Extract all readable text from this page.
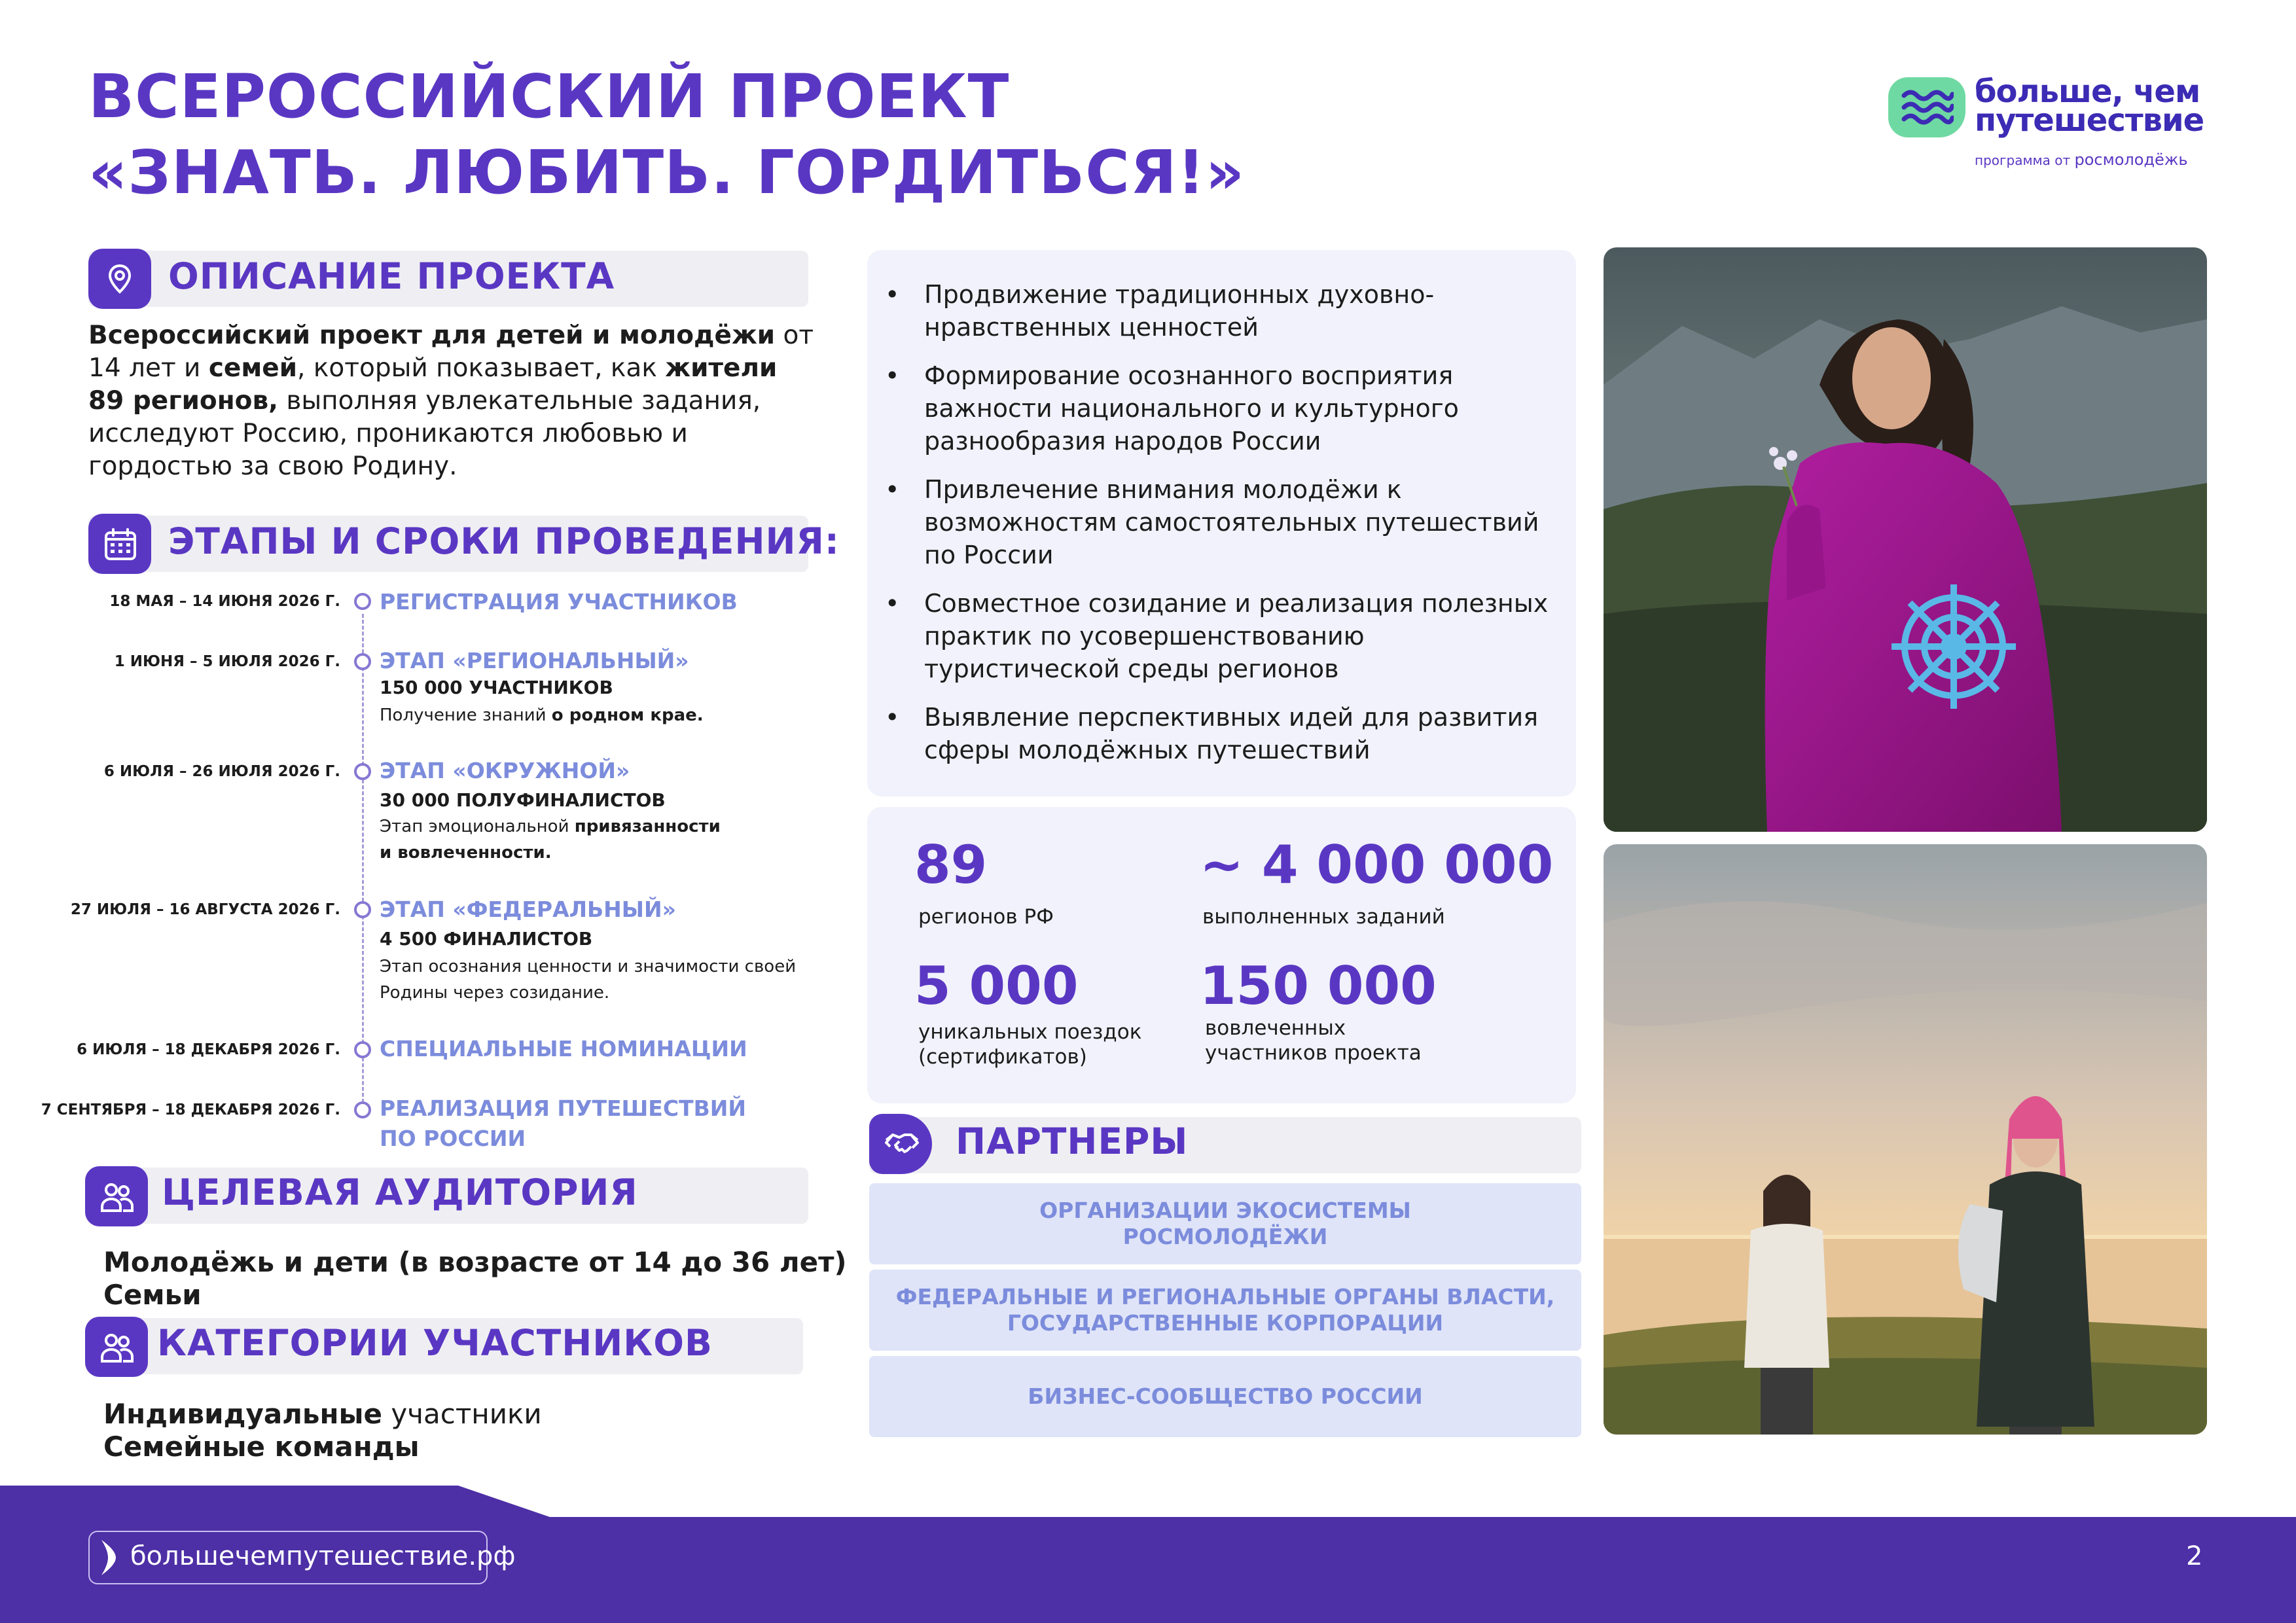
ВСЕРОССИЙСКИЙ ПРОЕКТ
«ЗНАТЬ. ЛЮБИТЬ. ГОРДИТЬСЯ!»
больше, чем
путешествие
программа от росмолодёжь
ОПИСАНИЕ ПРОЕКТА
Всероссийский проект для детей и молодёжи от 14 лет и семей, который показывает, как жители 89 регионов, выполняя увлекательные задания, исследуют Россию, проникаются любовью и гордостью за свою Родину.
ЭТАПЫ И СРОКИ ПРОВЕДЕНИЯ:
18 МАЯ – 14 ИЮНЯ 2026 Г. РЕГИСТРАЦИЯ УЧАСТНИКОВ
1 ИЮНЯ – 5 ИЮЛЯ 2026 Г. ЭТАП «РЕГИОНАЛЬНЫЙ»
150 000 УЧАСТНИКОВ
Получение знаний о родном крае.
6 ИЮЛЯ – 26 ИЮЛЯ 2026 Г. ЭТАП «ОКРУЖНОЙ»
30 000 ПОЛУФИНАЛИСТОВ
Этап эмоциональной привязанности
и вовлеченности.
27 ИЮЛЯ – 16 АВГУСТА 2026 Г. ЭТАП «ФЕДЕРАЛЬНЫЙ»
4 500 ФИНАЛИСТОВ
Этап осознания ценности и значимости своей
Родины через созидание.
6 ИЮЛЯ – 18 ДЕКАБРЯ 2026 Г. СПЕЦИАЛЬНЫЕ НОМИНАЦИИ
7 СЕНТЯБРЯ – 18 ДЕКАБРЯ 2026 Г. РЕАЛИЗАЦИЯ ПУТЕШЕСТВИЙ
ПО РОССИИ
ЦЕЛЕВАЯ АУДИТОРИЯ
Молодёжь и дети (в возрасте от 14 до 36 лет)
Семьи
КАТЕГОРИИ УЧАСТНИКОВ
Индивидуальные участники
Семейные команды
• Продвижение традиционных духовно-нравственных ценностей
• Формирование осознанного восприятия важности национального и культурного разнообразия народов России
• Привлечение внимания молодёжи к возможностям самостоятельных путешествий по России
• Совместное созидание и реализация полезных практик по усовершенствованию туристической среды регионов
• Выявление перспективных идей для развития сферы молодёжных путешествий
89
регионов РФ
~ 4 000 000
выполненных заданий
5 000
уникальных поездок (сертификатов)
150 000
вовлеченных участников проекта
ПАРТНЕРЫ
ОРГАНИЗАЦИИ ЭКОСИСТЕМЫ
РОСМОЛОДЁЖИ
ФЕДЕРАЛЬНЫЕ И РЕГИОНАЛЬНЫЕ ОРГАНЫ ВЛАСТИ,
ГОСУДАРСТВЕННЫЕ КОРПОРАЦИИ
БИЗНЕС-СООБЩЕСТВО РОССИИ
большечемпутешествие.рф	2
